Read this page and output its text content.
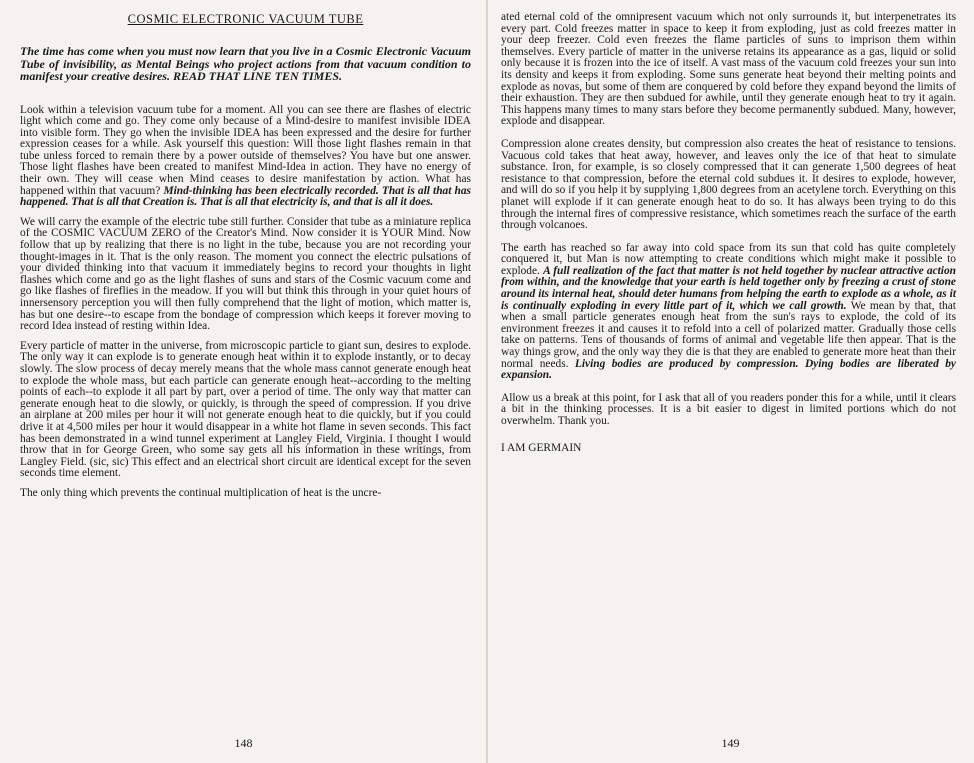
COSMIC ELECTRONIC VACUUM TUBE
The time has come when you must now learn that you live in a Cosmic Electronic Vacuum Tube of invisibility, as Mental Beings who project actions from that vacuum condition to manifest your creative desires. READ THAT LINE TEN TIMES.

Look within a television vacuum tube for a moment. All you can see there are flashes of electric light which come and go. They come only because of a Mind-desire to manifest invisible IDEA into visible form. They go when the invisible IDEA has been expressed and the desire for further expression ceases for a while. Ask yourself this question: Will those light flashes remain in that tube unless forced to remain there by a power outside of themselves? You have but one answer. Those light flashes have been created to manifest Mind-Idea in action. They have no energy of their own. They will cease when Mind ceases to desire manifestation by action. What has happened within that vacuum? Mind-thinking has been electrically recorded. That is all that has happened. That is all that Creation is. That is all that electricity is, and that is all it does.

We will carry the example of the electric tube still further. Consider that tube as a miniature replica of the COSMIC VACUUM ZERO of the Creator's Mind. Now consider it is YOUR Mind. Now follow that up by realizing that there is no light in the tube, because you are not recording your thought-images in it. That is the only reason. The moment you connect the electric pulsations of your divided thinking into that vacuum it immediately begins to record your thoughts in light flashes which come and go as the light flashes of suns and stars of the Cosmic vacuum come and go like flashes of fireflies in the meadow. If you will but think this through in your quiet hours of innersensory perception you will then fully comprehend that the light of motion, which matter is, has but one desire--to escape from the bondage of compression which keeps it forever moving to record Idea instead of resting within Idea.

Every particle of matter in the universe, from microscopic particle to giant sun, desires to explode. The only way it can explode is to generate enough heat within it to explode instantly, or to decay slowly. The slow process of decay merely means that the whole mass cannot generate enough heat to explode the whole mass, but each particle can generate enough heat--according to the melting points of each--to explode it all part by part, over a period of time. The only way that matter can generate enough heat to die slowly, or quickly, is through the speed of compression. If you drive an airplane at 200 miles per hour it will not generate enough heat to die quickly, but if you could drive it at 4,500 miles per hour it would disappear in a white hot flame in seven seconds. This fact has been demonstrated in a wind tunnel experiment at Langley Field, Virginia. I thought I would throw that in for George Green, who some say gets all his information in these writings, from Langley Field. (sic, sic) This effect and an electrical short circuit are identical except for the seven seconds time element.

The only thing which prevents the continual multiplication of heat is the uncre-

148

ated eternal cold of the omnipresent vacuum which not only surrounds it, but interpenetrates its every part. Cold freezes matter in space to keep it from exploding, just as cold freezes matter in your deep freezer. Cold even freezes the flame particles of suns to imprison them within themselves. Every particle of matter in the universe retains its appearance as a gas, liquid or solid only because it is frozen into the ice of itself. A vast mass of the vacuum cold freezes your sun into its density and keeps it from exploding. Some suns generate heat beyond their melting points and explode as novas, but some of them are conquered by cold before they expand beyond the limits of their exhaustion. They are then subdued for awhile, until they generate enough heat to try it again. This happens many times to many stars before they become permanently subdued. Many, however, explode and disappear.

Compression alone creates density, but compression also creates the heat of resistance to tensions. Vacuous cold takes that heat away, however, and leaves only the ice of that heat to simulate substance. Iron, for example, is so closely compressed that it can generate 1,500 degrees of heat resistance to that compression, before the eternal cold subdues it. It desires to explode, however, and will do so if you help it by supplying 1,800 degrees from an acetylene torch. Everything on this planet will explode if it can generate enough heat to do so. It has always been trying to do this through the internal fires of compressive resistance, which sometimes reach the surface of the earth through volcanoes.

The earth has reached so far away into cold space from its sun that cold has quite completely conquered it, but Man is now attempting to create conditions which might make it possible to explode. A full realization of the fact that matter is not held together by nuclear attractive action from within, and the knowledge that your earth is held together only by freezing a crust of stone around its internal heat, should deter humans from helping the earth to explode as a whole, as it is continually exploding in every little part of it, which we call growth. We mean by that, that when a small particle generates enough heat from the sun's rays to explode, the cold of its environment freezes it and causes it to refold into a cell of polarized matter. Gradually those cells take on patterns. Tens of thousands of forms of animal and vegetable life then appear. That is the way things grow, and the only way they die is that they are enabled to generate more heat than their normal needs. Living bodies are produced by compression. Dying bodies are liberated by expansion.

Allow us a break at this point, for I ask that all of you readers ponder this for a while, until it clears a bit in the thinking processes. It is a bit easier to digest in limited portions which do not overwhelm. Thank you.

I AM GERMAIN
149
